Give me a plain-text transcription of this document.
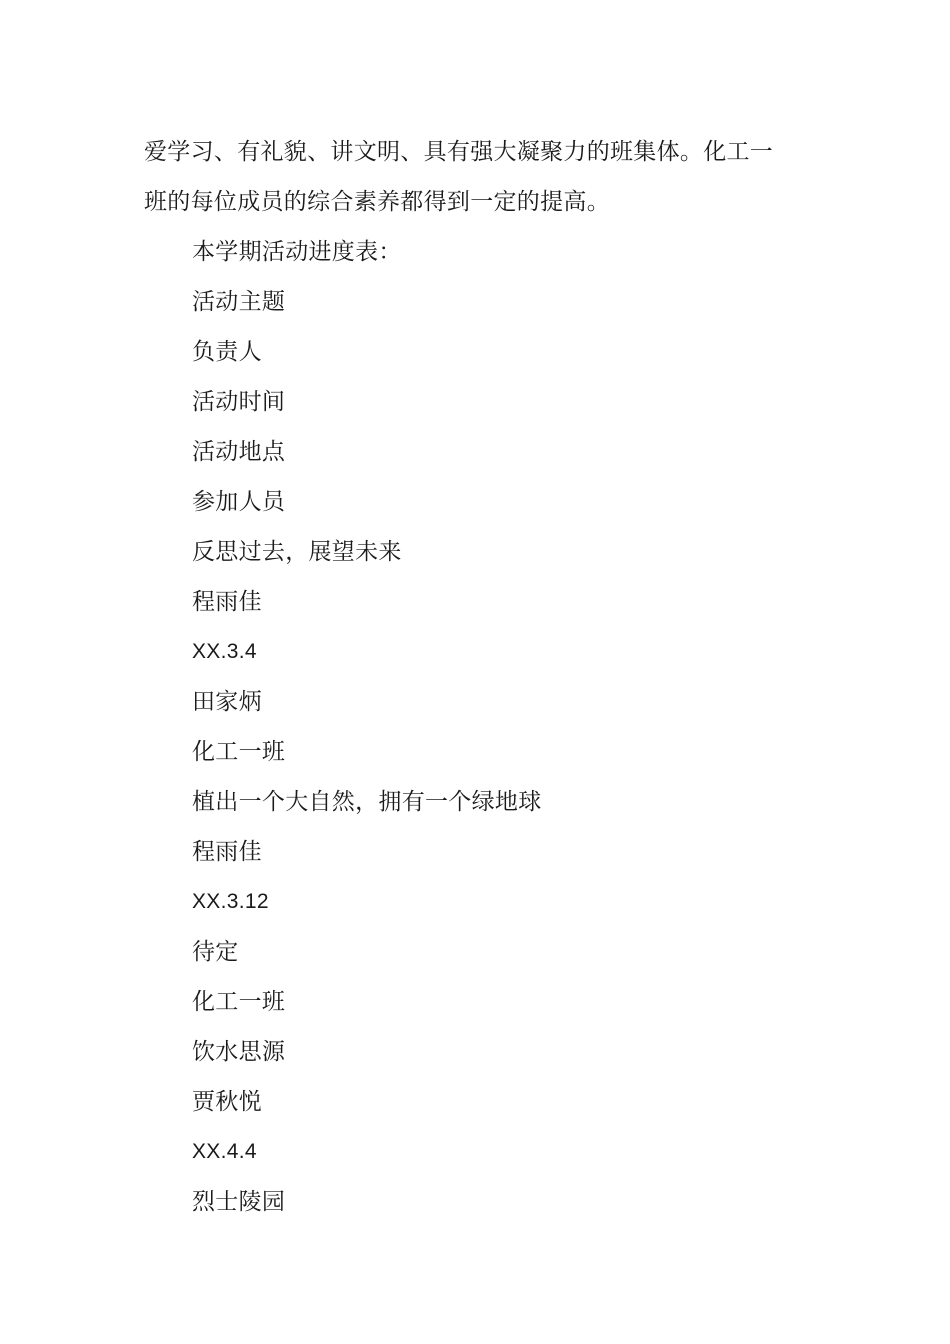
爱学习、有礼貌、讲文明、具有强大凝聚力的班集体。化工一

班的每位成员的综合素养都得到一定的提高。

本学期活动进度表：

活动主题

负责人

活动时间

活动地点

参加人员

反思过去，展望未来

程雨佳

XX.3.4

田家炳

化工一班

植出一个大自然，拥有一个绿地球

程雨佳

XX.3.12

待定

化工一班

饮水思源

贾秋悦

XX.4.4

烈士陵园
